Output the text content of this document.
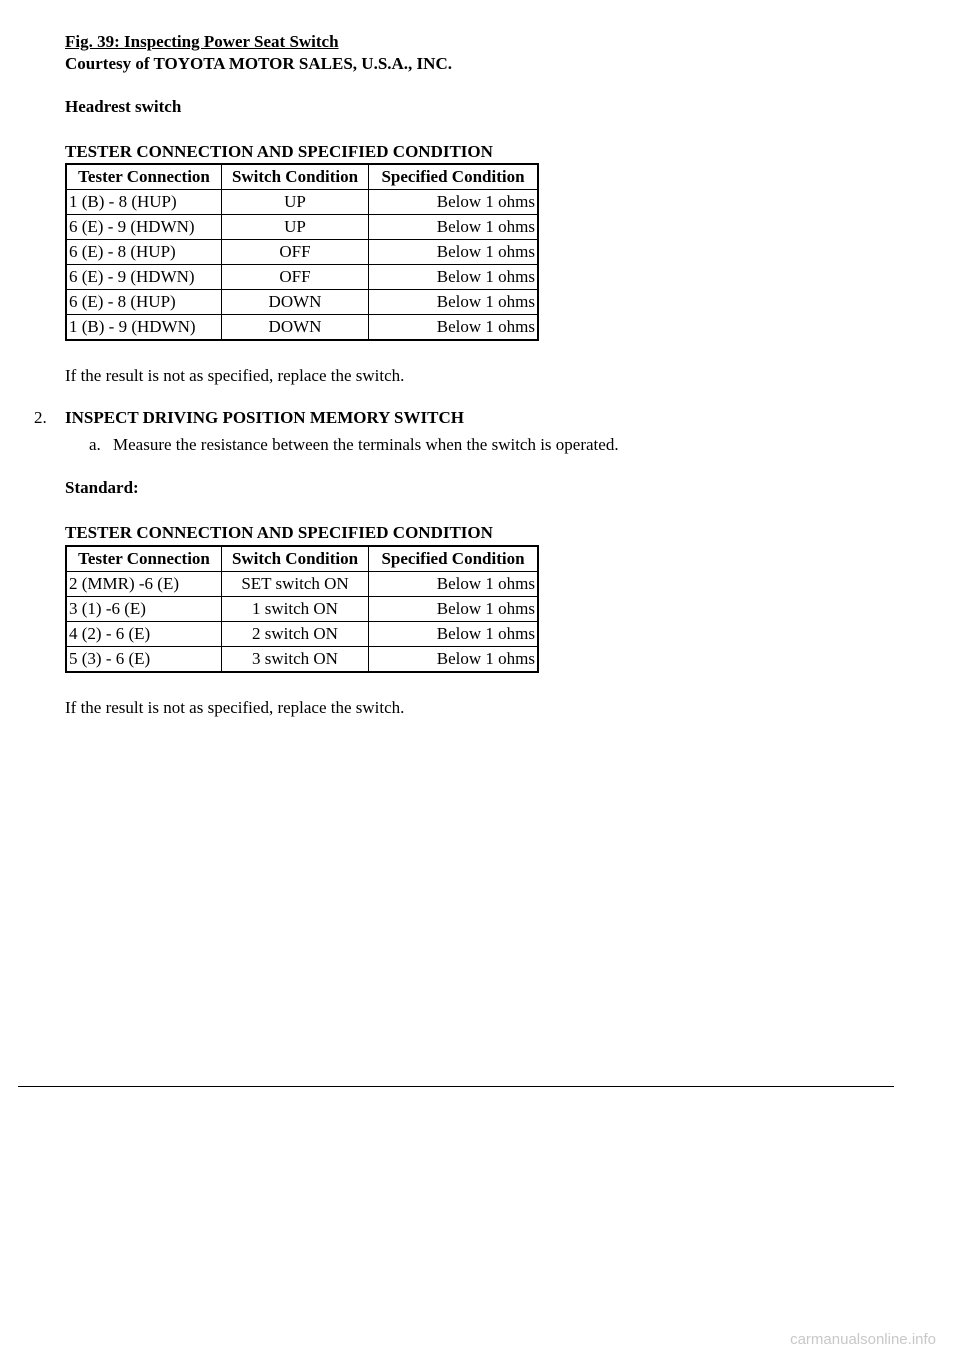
Fig. 39: Inspecting Power Seat Switch
Courtesy of TOYOTA MOTOR SALES, U.S.A., INC.
Headrest switch
TESTER CONNECTION AND SPECIFIED CONDITION
Tester Connection	Switch Condition	Specified Condition
1 (B) - 8 (HUP)	UP	Below 1 ohms
6 (E) - 9 (HDWN)	UP	Below 1 ohms
6 (E) - 8 (HUP)	OFF	Below 1 ohms
6 (E) - 9 (HDWN)	OFF	Below 1 ohms
6 (E) - 8 (HUP)	DOWN	Below 1 ohms
1 (B) - 9 (HDWN)	DOWN	Below 1 ohms
If the result is not as specified, replace the switch.
2. INSPECT DRIVING POSITION MEMORY SWITCH
a. Measure the resistance between the terminals when the switch is operated.
Standard:
TESTER CONNECTION AND SPECIFIED CONDITION
Tester Connection	Switch Condition	Specified Condition
2 (MMR) -6 (E)	SET switch ON	Below 1 ohms
3 (1) -6 (E)	1 switch ON	Below 1 ohms
4 (2) - 6 (E)	2 switch ON	Below 1 ohms
5 (3) - 6 (E)	3 switch ON	Below 1 ohms
If the result is not as specified, replace the switch.
carmanualsonline.info
